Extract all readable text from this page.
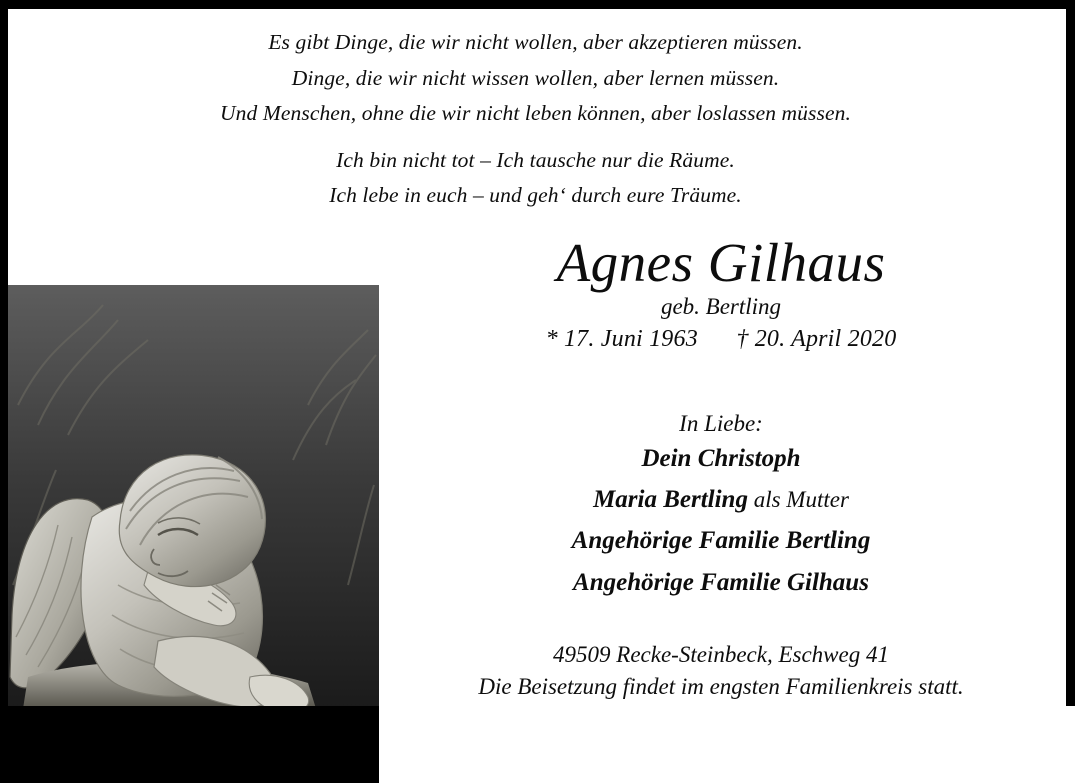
Es gibt Dinge, die wir nicht wollen, aber akzeptieren müssen.

Dinge, die wir nicht wissen wollen, aber lernen müssen.

Und Menschen, ohne die wir nicht leben können, aber loslassen müssen.

Ich bin nicht tot – Ich tausche nur die Räume.

Ich lebe in euch – und geh‘ durch eure Träume.

Agnes Gilhaus
geb. Bertling
* 17. Juni 1963 † 20. April 2020
In Liebe:
Dein Christoph
Maria Bertling als Mutter
Angehörige Familie Bertling
Angehörige Familie Gilhaus
49509 Recke-Steinbeck, Eschweg 41
Die Beisetzung findet im engsten Familienkreis statt.
